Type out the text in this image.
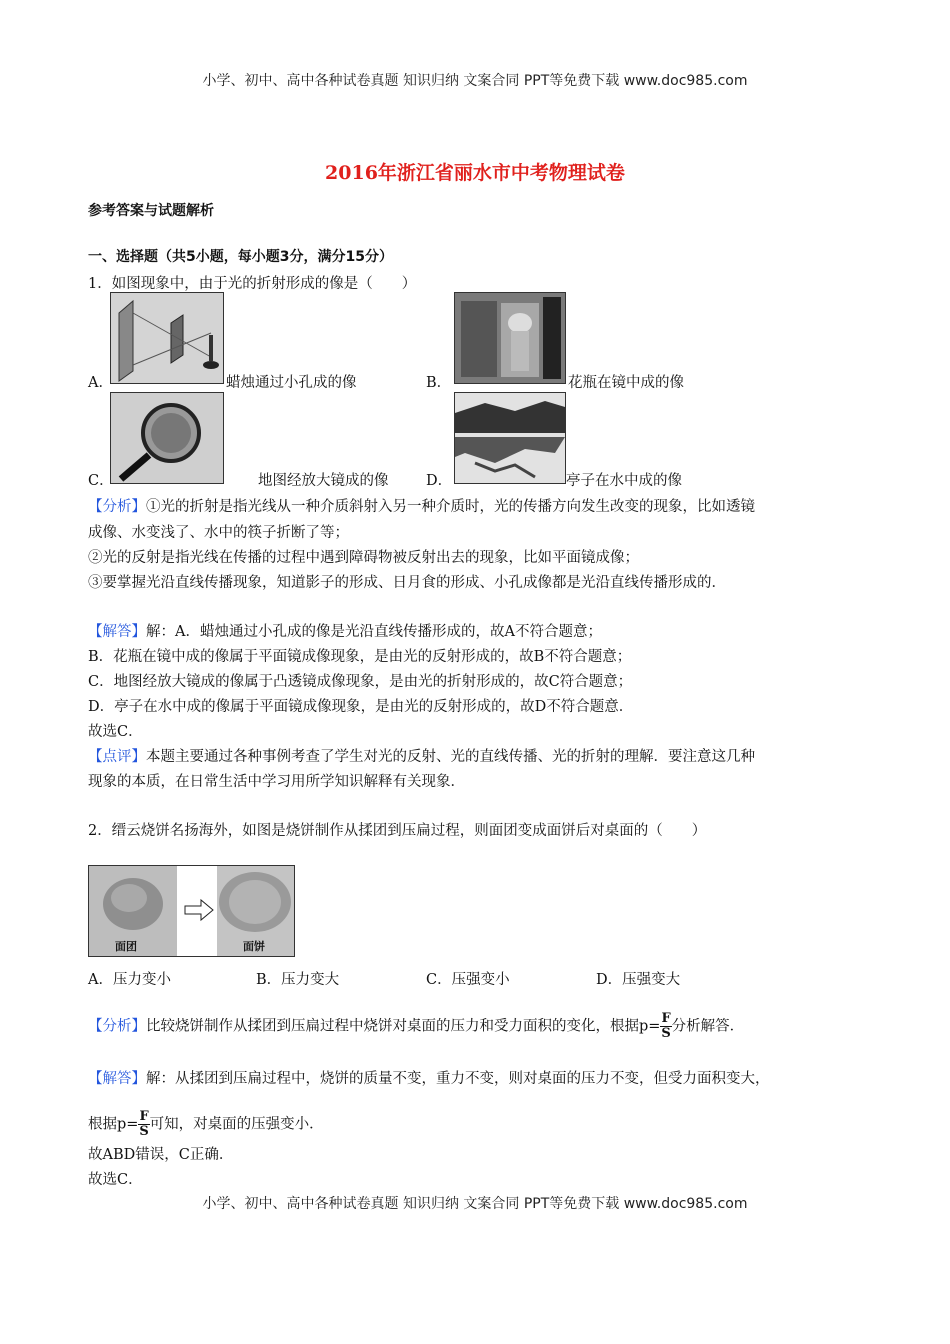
小学、初中、高中各种试卷真题 知识归纳 文案合同 PPT等免费下载 www.doc985.com
2016年浙江省丽水市中考物理试卷
参考答案与试题解析
一、选择题（共5小题，每小题3分，满分15分）
1．如图现象中，由于光的折射形成的像是（　　）
A．	蜡烛通过小孔成的像	B．	花瓶在镜中成的像
C．	地图经放大镜成的像	D．	亭子在水中成的像
【分析】①光的折射是指光线从一种介质斜射入另一种介质时，光的传播方向发生改变的现象，比如透镜
成像、水变浅了、水中的筷子折断了等；
②光的反射是指光线在传播的过程中遇到障碍物被反射出去的现象，比如平面镜成像；
③要掌握光沿直线传播现象，知道影子的形成、日月食的形成、小孔成像都是光沿直线传播形成的．
【解答】解：A．蜡烛通过小孔成的像是光沿直线传播形成的，故A不符合题意；
B．花瓶在镜中成的像属于平面镜成像现象，是由光的反射形成的，故B不符合题意；
C．地图经放大镜成的像属于凸透镜成像现象，是由光的折射形成的，故C符合题意；
D．亭子在水中成的像属于平面镜成像现象，是由光的反射形成的，故D不符合题意．
故选C．
【点评】本题主要通过各种事例考查了学生对光的反射、光的直线传播、光的折射的理解．要注意这几种
现象的本质，在日常生活中学习用所学知识解释有关现象．
2．缙云烧饼名扬海外，如图是烧饼制作从揉团到压扁过程，则面团变成面饼后对桌面的（　　）
面团	面饼
A．压力变小	B．压力变大	C．压强变小	D．压强变大
【分析】比较烧饼制作从揉团到压扁过程中烧饼对桌面的压力和受力面积的变化，根据$p= \frac{F}{S}$ 分析解答．
【解答】解：从揉团到压扁过程中，烧饼的质量不变，重力不变，则对桌面的压力不变，但受力面积变大，
根据$p= \frac{F}{S}$ 可知，对桌面的压强变小．
故ABD错误，C正确．
故选C．
小学、初中、高中各种试卷真题 知识归纳 文案合同 PPT等免费下载 www.doc985.com
